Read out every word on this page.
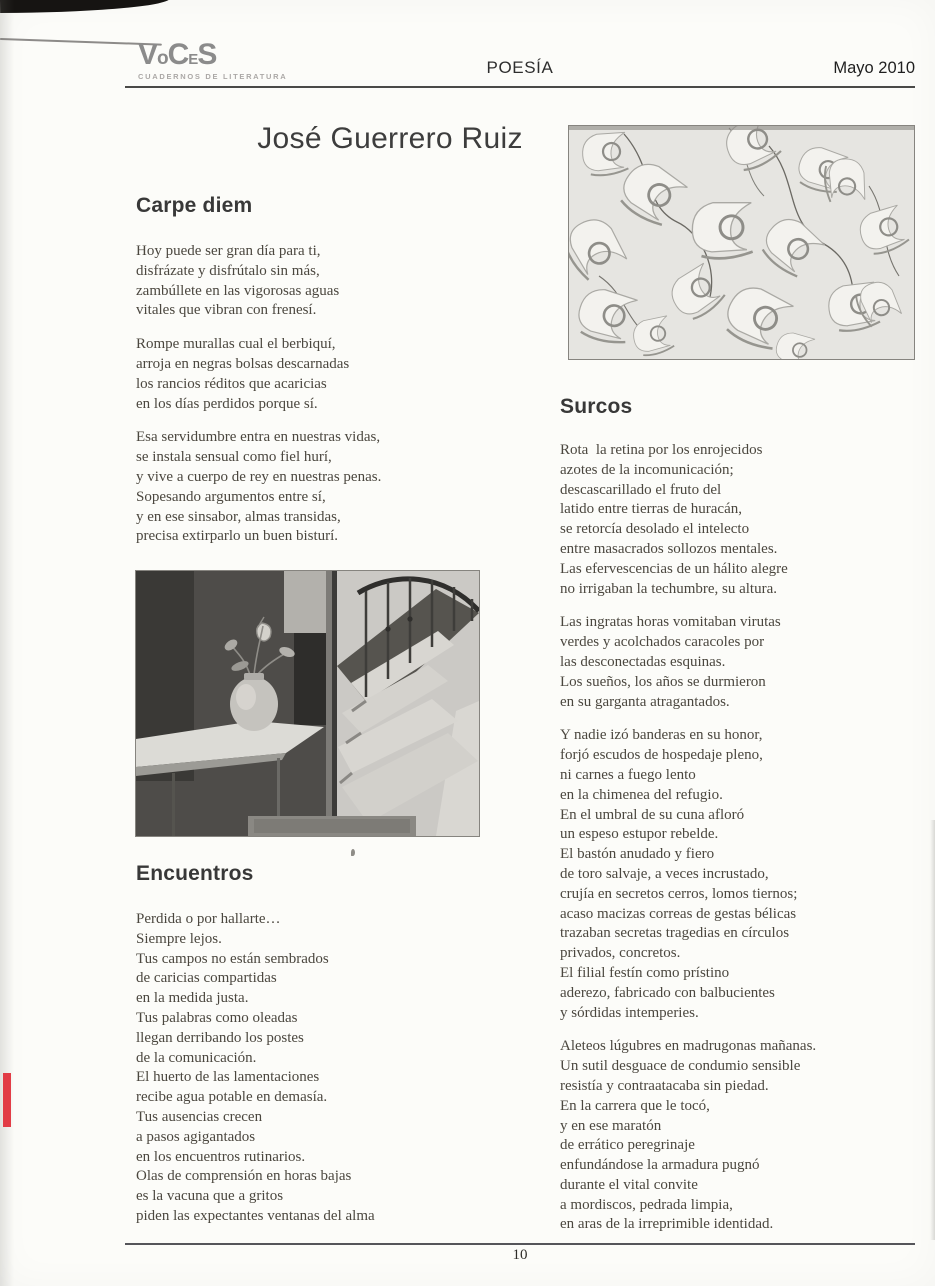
VoCES
CUADERNOS DE LITERATURA	POESÍA	Mayo 2010
José Guerrero Ruiz
Carpe diem

Hoy puede ser gran día para ti,
disfrázate y disfrútalo sin más,
zambúllete en las vigorosas aguas
vitales que vibran con frenesí.

Rompe murallas cual el berbiquí,
arroja en negras bolsas descarnadas
los rancios réditos que acaricias
en los días perdidos porque sí.

Esa servidumbre entra en nuestras vidas,
se instala sensual como fiel hurí,
y vive a cuerpo de rey en nuestras penas.
Sopesando argumentos entre sí,
y en ese sinsabor, almas transidas,
precisa extirparlo un buen bisturí.

Encuentros

Perdida o por hallarte…
Siempre lejos.
Tus campos no están sembrados
de caricias compartidas
en la medida justa.
Tus palabras como oleadas
llegan derribando los postes
de la comunicación.
El huerto de las lamentaciones
recibe agua potable en demasía.
Tus ausencias crecen
a pasos agigantados
en los encuentros rutinarios.
Olas de comprensión en horas bajas
es la vacuna que a gritos
piden las expectantes ventanas del alma

Surcos

Rota  la retina por los enrojecidos
azotes de la incomunicación;
descascarillado el fruto del
latido entre tierras de huracán,
se retorcía desolado el intelecto
entre masacrados sollozos mentales.
Las efervescencias de un hálito alegre
no irrigaban la techumbre, su altura.

Las ingratas horas vomitaban virutas
verdes y acolchados caracoles por
las desconectadas esquinas.
Los sueños, los años se durmieron
en su garganta atragantados.

Y nadie izó banderas en su honor,
forjó escudos de hospedaje pleno,
ni carnes a fuego lento
en la chimenea del refugio.
En el umbral de su cuna afloró
un espeso estupor rebelde.
El bastón anudado y fiero
de toro salvaje, a veces incrustado,
crujía en secretos cerros, lomos tiernos;
acaso macizas correas de gestas bélicas
trazaban secretas tragedias en círculos
privados, concretos.
El filial festín como prístino
aderezo, fabricado con balbucientes
y sórdidas intemperies.

Aleteos lúgubres en madrugonas mañanas.
Un sutil desguace de condumio sensible
resistía y contraatacaba sin piedad.
En la carrera que le tocó,
y en ese maratón
de errático peregrinaje
enfundándose la armadura pugnó
durante el vital convite
a mordiscos, pedrada limpia,
en aras de la irreprimible identidad.

10
